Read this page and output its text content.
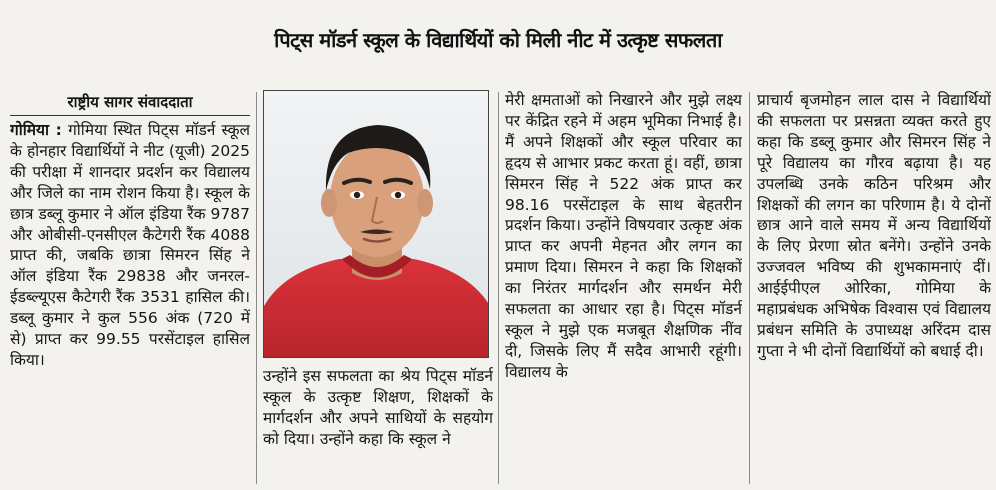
पिट्स मॉडर्न स्कूल के विद्यार्थियों को मिली नीट में उत्कृष्ट सफलता
राष्ट्रीय सागर संवाददाता

गोमिया : गोमिया स्थित पिट्स मॉडर्न स्कूल के होनहार विद्यार्थियों ने नीट (यूजी) 2025 की परीक्षा में शानदार प्रदर्शन कर विद्यालय और जिले का नाम रोशन किया है। स्कूल के छात्र डब्लू कुमार ने ऑल इंडिया रैंक 9787 और ओबीसी-एनसीएल कैटेगरी रैंक 4088 प्राप्त की, जबकि छात्रा सिमरन सिंह ने ऑल इंडिया रैंक 29838 और जनरल-ईडब्ल्यूएस कैटेगरी रैंक 3531 हासिल की। डब्लू कुमार ने कुल 556 अंक (720 में से) प्राप्त कर 99.55 परसेंटाइल हासिल किया।

उन्होंने इस सफलता का श्रेय पिट्स मॉडर्न स्कूल के उत्कृष्ट शिक्षण, शिक्षकों के मार्गदर्शन और अपने साथियों के सहयोग को दिया। उन्होंने कहा कि स्कूल ने

मेरी क्षमताओं को निखारने और मुझे लक्ष्य पर केंद्रित रहने में अहम भूमिका निभाई है। मैं अपने शिक्षकों और स्कूल परिवार का हृदय से आभार प्रकट करता हूं। वहीं, छात्रा सिमरन सिंह ने 522 अंक प्राप्त कर 98.16 परसेंटाइल के साथ बेहतरीन प्रदर्शन किया। उन्होंने विषयवार उत्कृष्ट अंक प्राप्त कर अपनी मेहनत और लगन का प्रमाण दिया। सिमरन ने कहा कि शिक्षकों का निरंतर मार्गदर्शन और समर्थन मेरी सफलता का आधार रहा है। पिट्स मॉडर्न स्कूल ने मुझे एक मजबूत शैक्षणिक नींव दी, जिसके लिए मैं सदैव आभारी रहूंगी। विद्यालय के

प्राचार्य बृजमोहन लाल दास ने विद्यार्थियों की सफलता पर प्रसन्नता व्यक्त करते हुए कहा कि डब्लू कुमार और सिमरन सिंह ने पूरे विद्यालय का गौरव बढ़ाया है। यह उपलब्धि उनके कठिन परिश्रम और शिक्षकों की लगन का परिणाम है। ये दोनों छात्र आने वाले समय में अन्य विद्यार्थियों के लिए प्रेरणा स्रोत बनेंगे। उन्होंने उनके उज्जवल भविष्य की शुभकामनाएं दीं। आईईपीएल ओरिका, गोमिया के महाप्रबंधक अभिषेक विश्वास एवं विद्यालय प्रबंधन समिति के उपाध्यक्ष अरिंदम दास गुप्ता ने भी दोनों विद्यार्थियों को बधाई दी।
